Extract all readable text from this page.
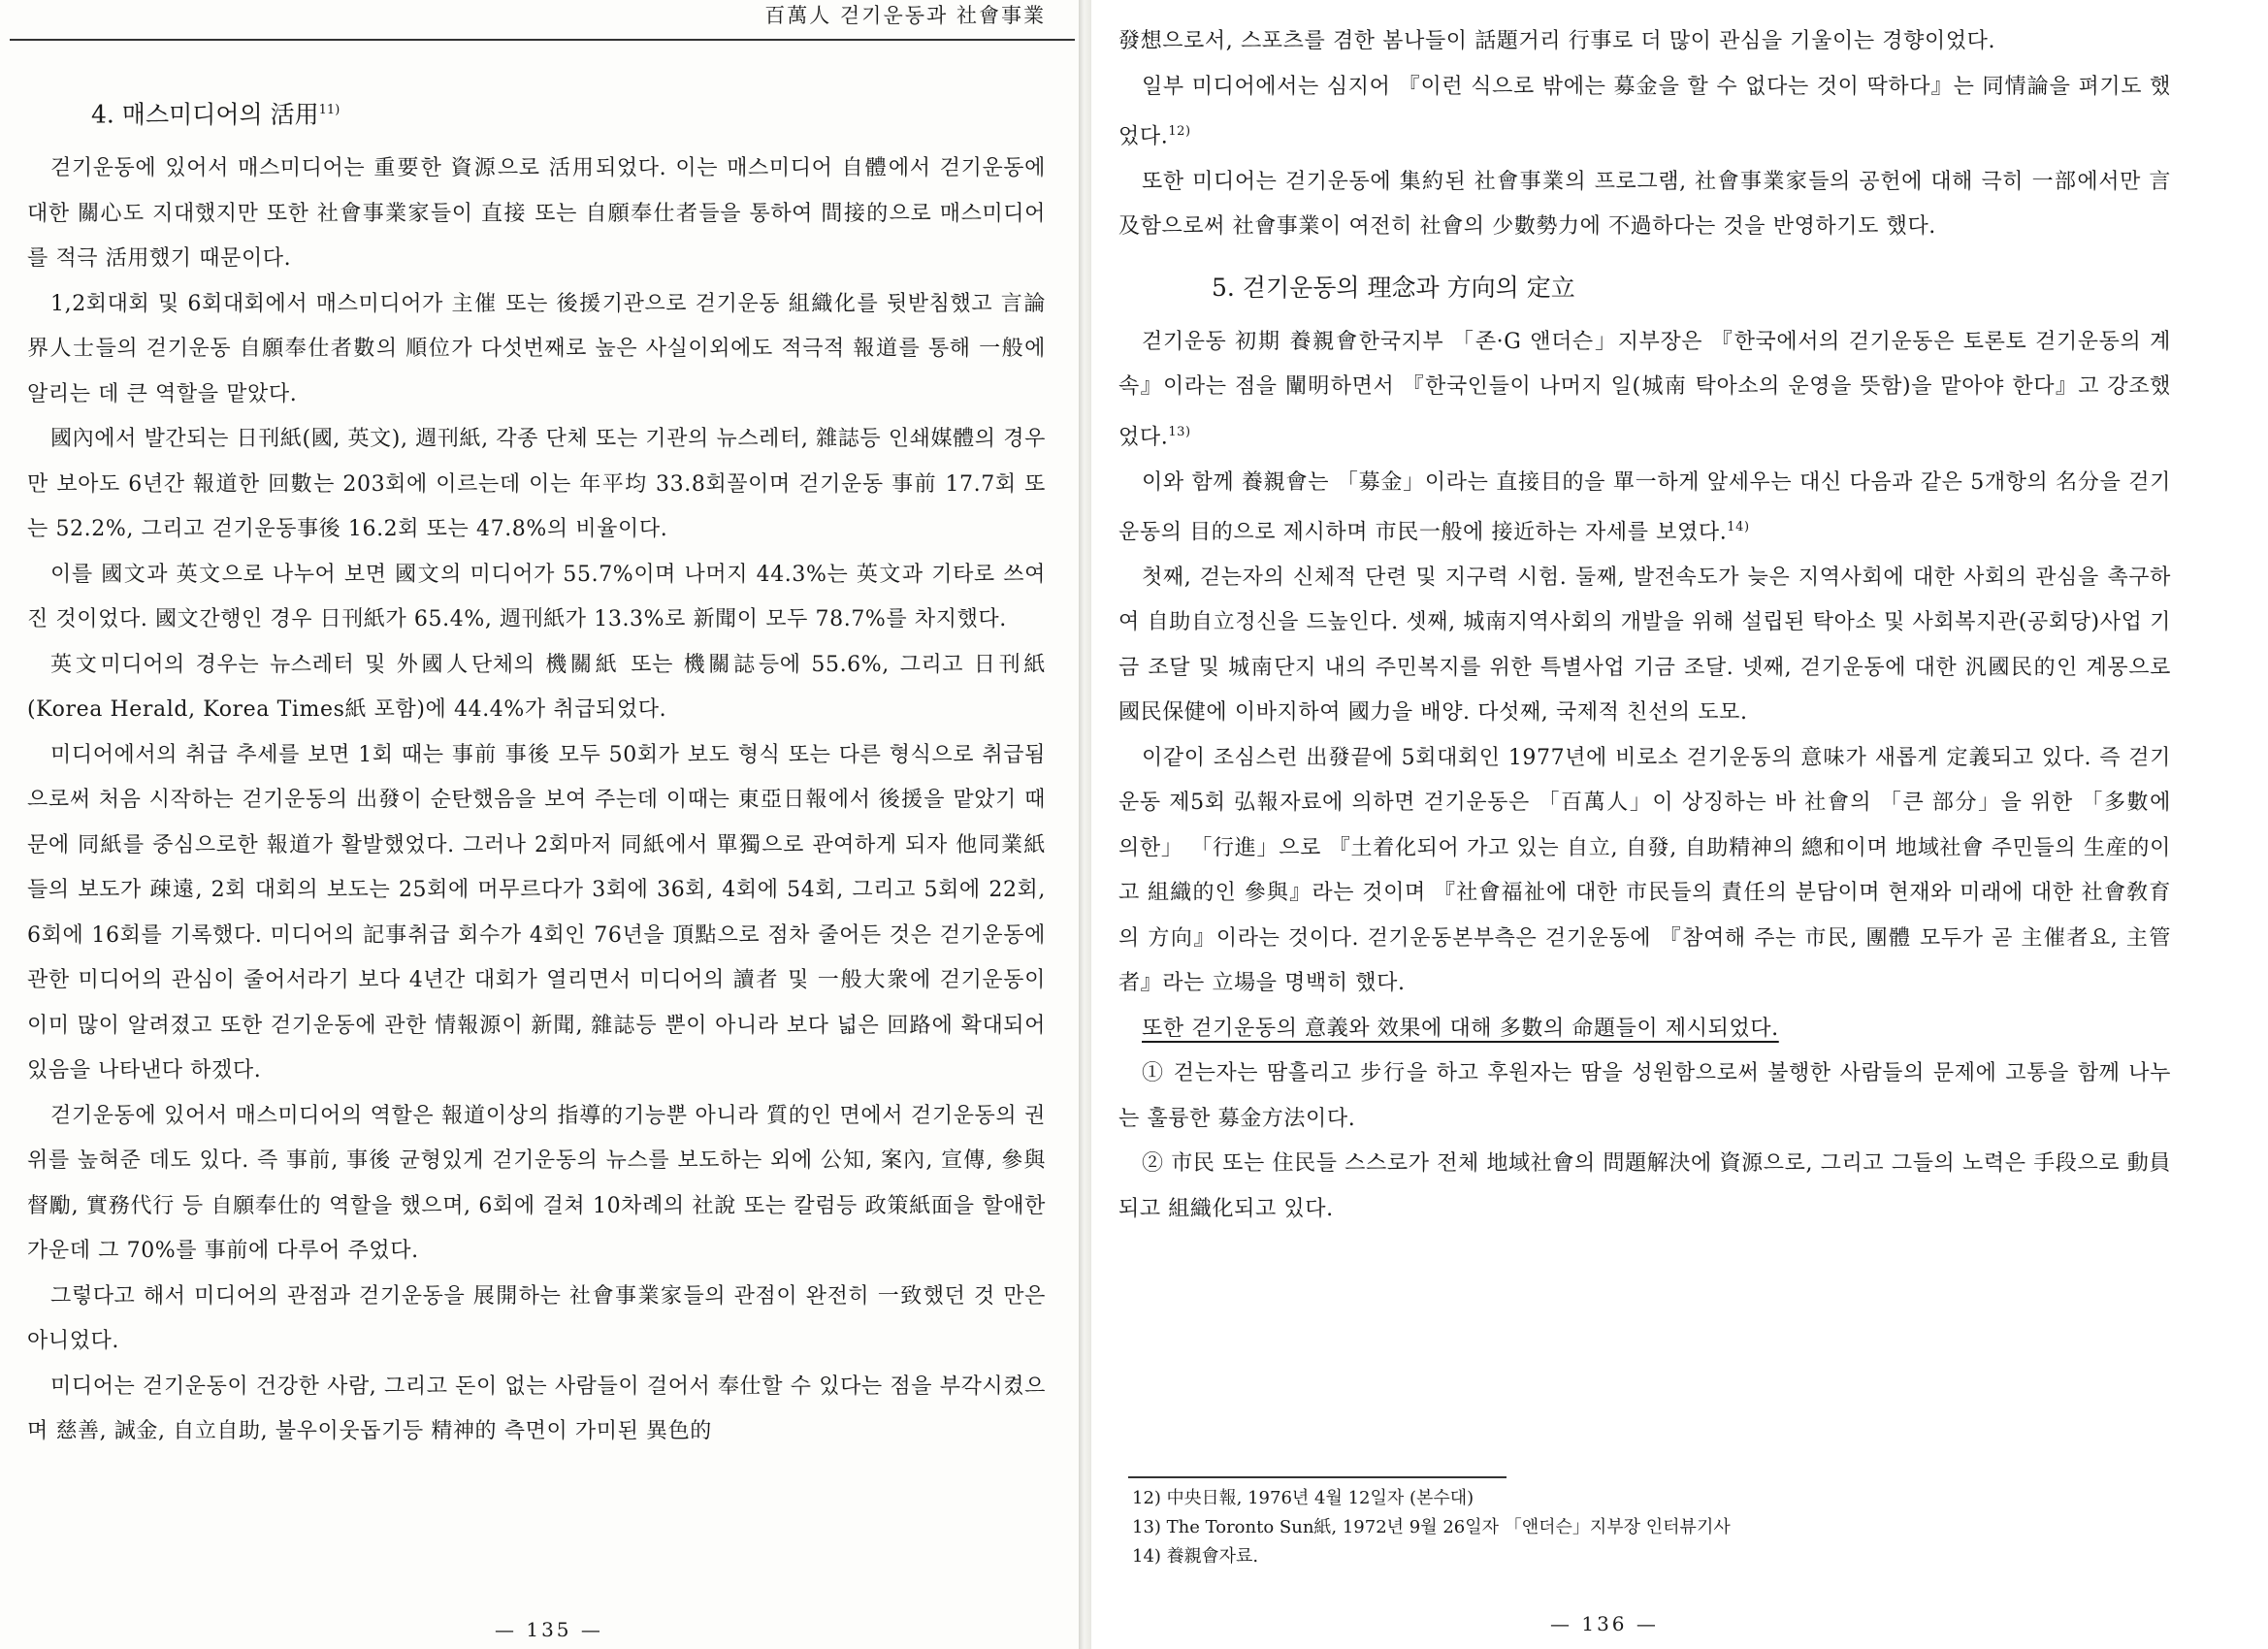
百萬人 걷기운동과 社會事業
4. 매스미디어의 活用$^{11)}$

걷기운동에 있어서 매스미디어는 重要한 資源으로 活用되었다. 이는 매스미디어 自體에서 걷기운동에 대한 關心도 지대했지만 또한 社會事業家들이 直接 또는 自願奉仕者들을 통하여 間接的으로 매스미디어를 적극 活用했기 때문이다.

1,2회대회 및 6회대회에서 매스미디어가 主催 또는 後援기관으로 걷기운동 組織化를 뒷받침했고 言論界人士들의 걷기운동 自願奉仕者數의 順位가 다섯번째로 높은 사실이외에도 적극적 報道를 통해 一般에 알리는 데 큰 역할을 맡았다.

國內에서 발간되는 日刊紙(國, 英文), 週刊紙, 각종 단체 또는 기관의 뉴스레터, 雜誌등 인쇄媒體의 경우만 보아도 6년간 報道한 回數는 203회에 이르는데 이는 年平均 33.8회꼴이며 걷기운동 事前 17.7회 또는 52.2%, 그리고 걷기운동事後 16.2회 또는 47.8%의 비율이다.

이를 國文과 英文으로 나누어 보면 國文의 미디어가 55.7%이며 나머지 44.3%는 英文과 기타로 쓰여진 것이었다. 國文간행인 경우 日刊紙가 65.4%, 週刊紙가 13.3%로 新聞이 모두 78.7%를 차지했다.

英文미디어의 경우는 뉴스레터 및 外國人단체의 機關紙 또는 機關誌등에 55.6%, 그리고 日刊紙(Korea Herald, Korea Times紙 포함)에 44.4%가 취급되었다.

미디어에서의 취급 추세를 보면 1회 때는 事前 事後 모두 50회가 보도 형식 또는 다른 형식으로 취급됨으로써 처음 시작하는 걷기운동의 出發이 순탄했음을 보여 주는데 이때는 東亞日報에서 後援을 맡았기 때문에 同紙를 중심으로한 報道가 활발했었다. 그러나 2회마저 同紙에서 單獨으로 관여하게 되자 他同業紙들의 보도가 疎遠, 2회 대회의 보도는 25회에 머무르다가 3회에 36회, 4회에 54회, 그리고 5회에 22회, 6회에 16회를 기록했다. 미디어의 記事취급 회수가 4회인 76년을 頂點으로 점차 줄어든 것은 걷기운동에 관한 미디어의 관심이 줄어서라기 보다 4년간 대회가 열리면서 미디어의 讀者 및 一般大衆에 걷기운동이 이미 많이 알려졌고 또한 걷기운동에 관한 情報源이 新聞, 雜誌등 뿐이 아니라 보다 넓은 回路에 확대되어 있음을 나타낸다 하겠다.

걷기운동에 있어서 매스미디어의 역할은 報道이상의 指導的기능뿐 아니라 質的인 면에서 걷기운동의 권위를 높혀준 데도 있다. 즉 事前, 事後 균형있게 걷기운동의 뉴스를 보도하는 외에 公知, 案內, 宣傳, 參與督勵, 實務代行 등 自願奉仕的 역할을 했으며, 6회에 걸쳐 10차례의 社說 또는 칼럼등 政策紙面을 할애한 가운데 그 70%를 事前에 다루어 주었다.

그렇다고 해서 미디어의 관점과 걷기운동을 展開하는 社會事業家들의 관점이 완전히 一致했던 것 만은 아니었다.

미디어는 걷기운동이 건강한 사람, 그리고 돈이 없는 사람들이 걸어서 奉仕할 수 있다는 점을 부각시켰으며 慈善, 誠金, 自立自助, 불우이웃돕기등 精神的 측면이 가미된 異色的

— 135 —

發想으로서, 스포츠를 겸한 봄나들이 話題거리 行事로 더 많이 관심을 기울이는 경향이었다.

일부 미디어에서는 심지어 『이런 식으로 밖에는 募金을 할 수 없다는 것이 딱하다』는 同情論을 펴기도 했었다.$^{12)}$

또한 미디어는 걷기운동에 集約된 社會事業의 프로그램, 社會事業家들의 공헌에 대해 극히 一部에서만 言及함으로써 社會事業이 여전히 社會의 少數勢力에 不過하다는 것을 반영하기도 했다.

5. 걷기운동의 理念과 方向의 定立

걷기운동 初期 養親會한국지부 「존·G 앤더슨」지부장은 『한국에서의 걷기운동은 토론토 걷기운동의 계속』이라는 점을 闡明하면서 『한국인들이 나머지 일(城南 탁아소의 운영을 뜻함)을 맡아야 한다』고 강조했었다.$^{13)}$

이와 함께 養親會는 「募金」이라는 直接目的을 單一하게 앞세우는 대신 다음과 같은 5개항의 名分을 걷기운동의 目的으로 제시하며 市民一般에 接近하는 자세를 보였다.$^{14)}$

첫째, 걷는자의 신체적 단련 및 지구력 시험. 둘째, 발전속도가 늦은 지역사회에 대한 사회의 관심을 촉구하여 自助自立정신을 드높인다. 셋째, 城南지역사회의 개발을 위해 설립된 탁아소 및 사회복지관(공회당)사업 기금 조달 및 城南단지 내의 주민복지를 위한 특별사업 기금 조달. 넷째, 걷기운동에 대한 汎國民的인 계몽으로 國民保健에 이바지하여 國力을 배양. 다섯째, 국제적 친선의 도모.

이같이 조심스런 出發끝에 5회대회인 1977년에 비로소 걷기운동의 意味가 새롭게 定義되고 있다. 즉 걷기운동 제5회 弘報자료에 의하면 걷기운동은 「百萬人」이 상징하는 바 社會의 「큰 部分」을 위한 「多數에 의한」 「行進」으로 『土着化되어 가고 있는 自立, 自發, 自助精神의 總和이며 地域社會 주민들의 生産的이고 組織的인 參與』라는 것이며 『社會福祉에 대한 市民들의 責任의 분담이며 현재와 미래에 대한 社會敎育의 方向』이라는 것이다. 걷기운동본부측은 걷기운동에 『참여해 주는 市民, 團體 모두가 곧 主催者요, 主管者』라는 立場을 명백히 했다.

또한 걷기운동의 意義와 效果에 대해 多數의 命題들이 제시되었다.

① 걷는자는 땀흘리고 步行을 하고 후원자는 땀을 성원함으로써 불행한 사람들의 문제에 고통을 함께 나누는 훌륭한 募金方法이다.

② 市民 또는 住民들 스스로가 전체 地域社會의 問題解決에 資源으로, 그리고 그들의 노력은 手段으로 動員되고 組織化되고 있다.

12) 中央日報, 1976년 4월 12일자 (본수대)
13) The Toronto Sun紙, 1972년 9월 26일자 「앤더슨」지부장 인터뷰기사
14) 養親會자료.
— 136 —
